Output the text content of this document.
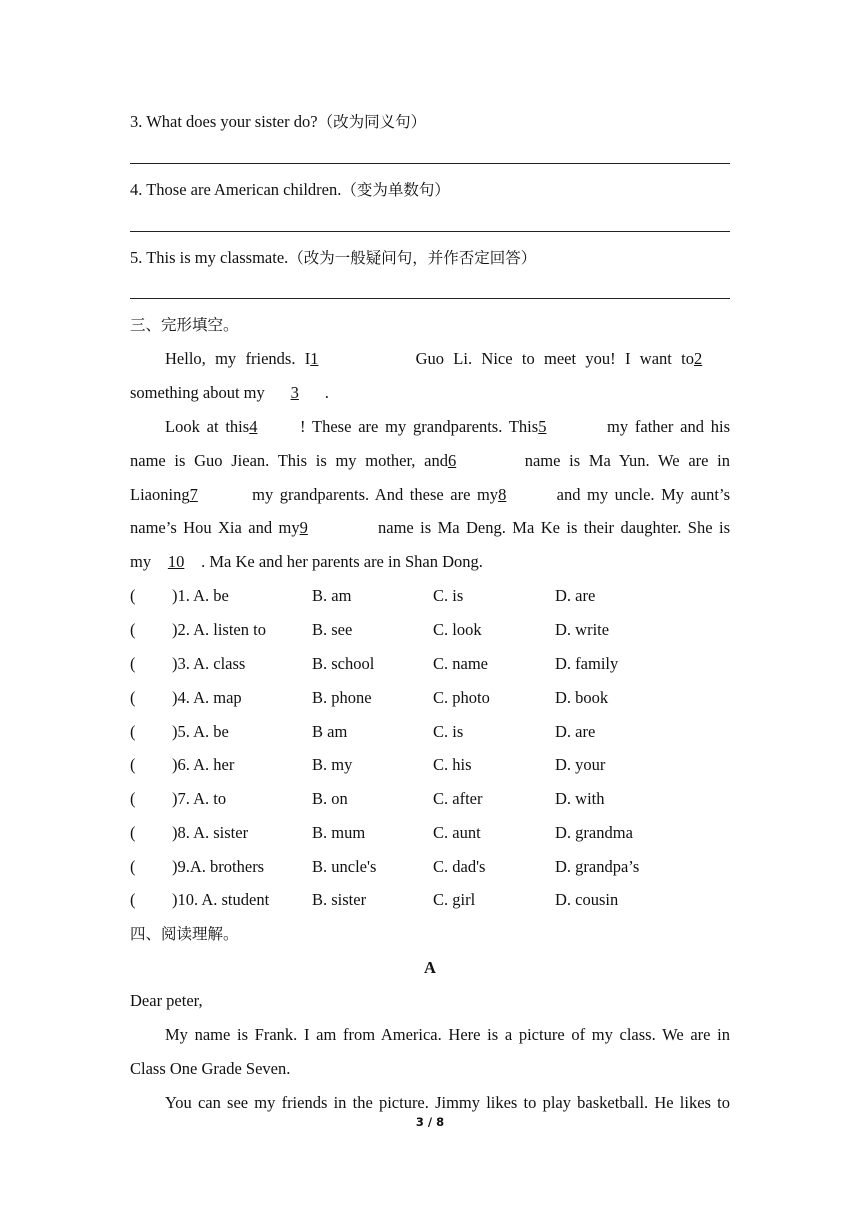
3. What does your sister do?（改为同义句）
4. Those are American children.（变为单数句）
5. This is my classmate.（改为一般疑问句，并作否定回答）
三、完形填空。
Hello, my friends. I1	Guo Li. Nice to meet you! I want to2
something about my 3 .
Look at this4	! These are my grandparents. This5	my father and his
name is Guo Jiean. This is my mother, and6	name is Ma Yun. We are in
Liaoning7	my grandparents. And these are my8	and my uncle. My aunt’s
name’s Hou Xia and my9	name is Ma Deng. Ma Ke is their daughter. She is
my 10 . Ma Ke and her parents are in Shan Dong.
( )1. A. be	B. am	C. is	D. are
( )2. A. listen to	B. see	C. look	D. write
( )3. A. class	B. school	C. name	D. family
( )4. A. map	B. phone	C. photo	D. book
( )5. A. be	B am	C. is	D. are
( )6. A. her	B. my	C. his	D. your
( )7. A. to	B. on	C. after	D. with
( )8. A. sister	B. mum	C. aunt	D. grandma
( )9.A. brothers	B. uncle's	C. dad's	D. grandpa’s
( )10. A. student	B. sister	C. girl	D. cousin
四、阅读理解。
A
Dear peter,
My name is Frank. I am from America. Here is a picture of my class. We are in
Class One Grade Seven.
You can see my friends in the picture. Jimmy likes to play basketball. He likes to
3 / 8
